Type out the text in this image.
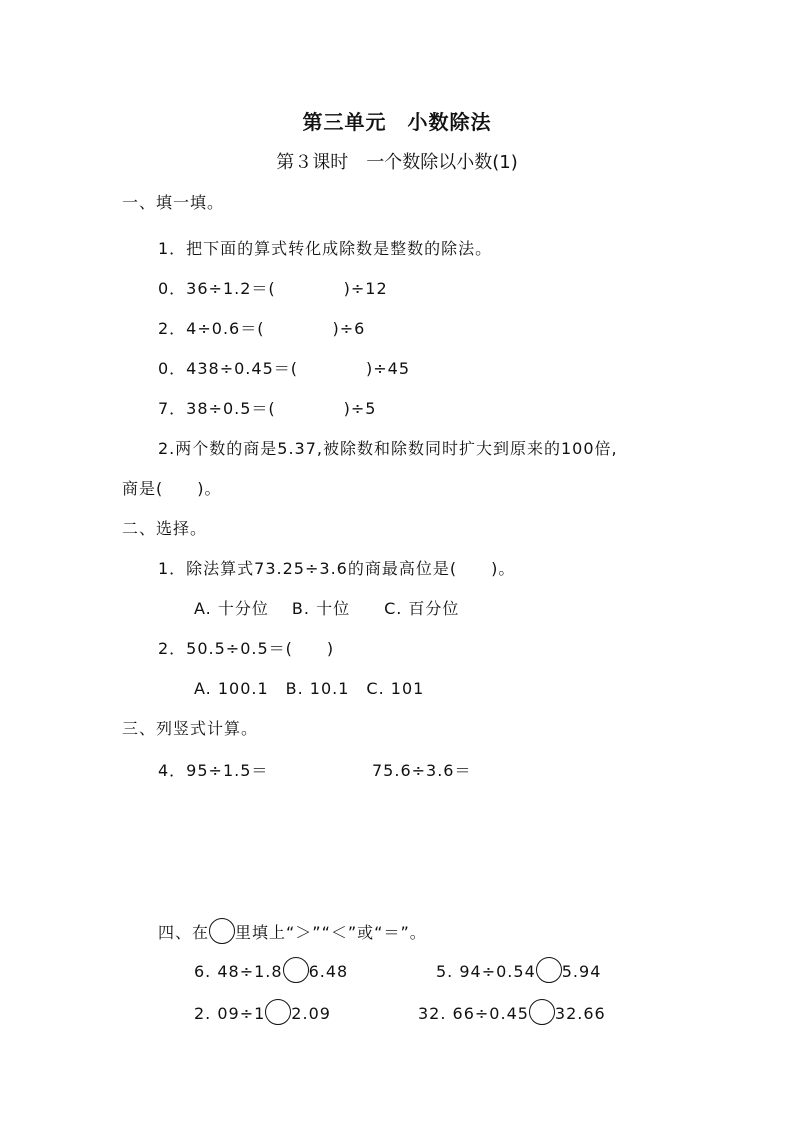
第三单元　小数除法
第３课时　一个数除以小数(1)
一、填一填。
1．把下面的算式转化成除数是整数的除法。
0．36÷1.2＝(　　　　)÷12
2．4÷0.6＝(　　　　)÷6
0．438÷0.45＝(　　　　)÷45
7．38÷0.5＝(　　　　)÷5
2.两个数的商是5.37,被除数和除数同时扩大到原来的100倍,
商是(　　)。
二、选择。
1．除法算式73.25÷3.6的商最高位是(　　)。
A. 十分位　 B. 十位　　C. 百分位
2．50.5÷0.5＝(　　)
A. 100.1　B. 10.1　C. 101
三、列竖式计算。
4．95÷1.5＝	75.6÷3.6＝
四、在 里填上“＞”“＜”或“＝”。
6. 48÷1.8 6.48	5. 94÷0.54 5.94
2. 09÷1 2.09	32. 66÷0.45 32.66
